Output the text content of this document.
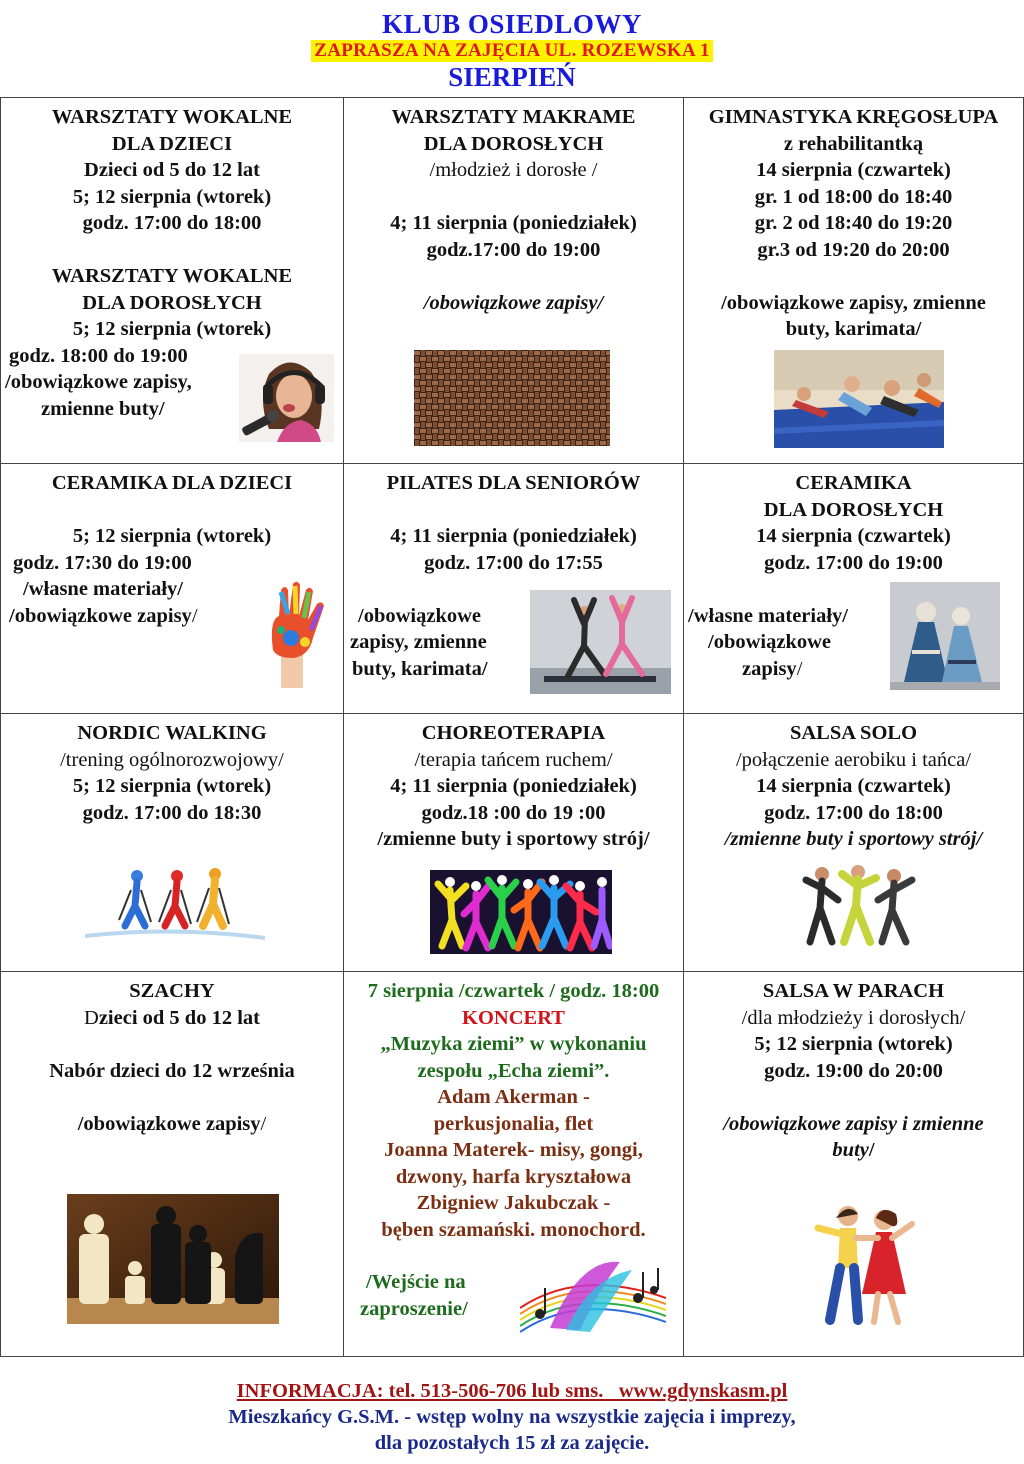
KLUB OSIEDLOWY
ZAPRASZA NA ZAJĘCIA UL. ROZEWSKA 1
SIERPIEŃ
WARSZTATY WOKALNE
DLA DZIECI
Dzieci od 5 do 12 lat
5; 12 sierpnia (wtorek)
godz. 17:00 do 18:00
WARSZTATY WOKALNE
DLA DOROSŁYCH
5; 12 sierpnia (wtorek)
godz. 18:00 do 19:00
/obowiązkowe zapisy,
zmienne buty/
WARSZTATY MAKRAME
DLA DOROSŁYCH
/młodzież i dorosłe /
4; 11 sierpnia (poniedziałek)
godz.17:00 do 19:00
/obowiązkowe zapisy/
GIMNASTYKA KRĘGOSŁUPA
z rehabilitantką
14 sierpnia (czwartek)
gr. 1 od 18:00 do 18:40
gr. 2 od 18:40 do 19:20
gr.3 od 19:20 do 20:00
/obowiązkowe zapisy, zmienne
buty, karimata/
CERAMIKA DLA DZIECI
5; 12 sierpnia (wtorek)
godz. 17:30 do 19:00
/własne materiały/
/obowiązkowe zapisy/
PILATES DLA SENIORÓW
4; 11 sierpnia (poniedziałek)
godz. 17:00 do 17:55
/obowiązkowe
zapisy, zmienne
buty, karimata/
CERAMIKA
DLA DOROSŁYCH
14 sierpnia (czwartek)
godz. 17:00 do 19:00
/własne materiały/
/obowiązkowe
zapisy/
NORDIC WALKING
/trening ogólnorozwojowy/
5; 12 sierpnia (wtorek)
godz. 17:00 do 18:30
CHOREOTERAPIA
/terapia tańcem ruchem/
4; 11 sierpnia (poniedziałek)
godz.18 :00 do 19 :00
/zmienne buty i sportowy strój/
SALSA SOLO
/połączenie aerobiku i tańca/
14 sierpnia (czwartek)
godz. 17:00 do 18:00
/zmienne buty i sportowy strój/
SZACHY
Dzieci od 5 do 12 lat
Nabór dzieci do 12 września
/obowiązkowe zapisy/
7 sierpnia /czwartek / godz. 18:00
KONCERT
„Muzyka ziemi” w wykonaniu
zespołu „Echa ziemi”.
Adam Akerman -
perkusjonalia, flet
Joanna Materek- misy, gongi,
dzwony, harfa kryształowa
Zbigniew Jakubczak -
bęben szamański. monochord.
/Wejście na
zaproszenie/
SALSA W PARACH
/dla młodzieży i dorosłych/
5; 12 sierpnia (wtorek)
godz. 19:00 do 20:00
/obowiązkowe zapisy i zmienne
buty/
INFORMACJA: tel. 513-506-706 lub sms.   www.gdynskasm.pl
Mieszkańcy G.S.M. - wstęp wolny na wszystkie zajęcia i imprezy,
dla pozostałych 15 zł za zajęcie.
